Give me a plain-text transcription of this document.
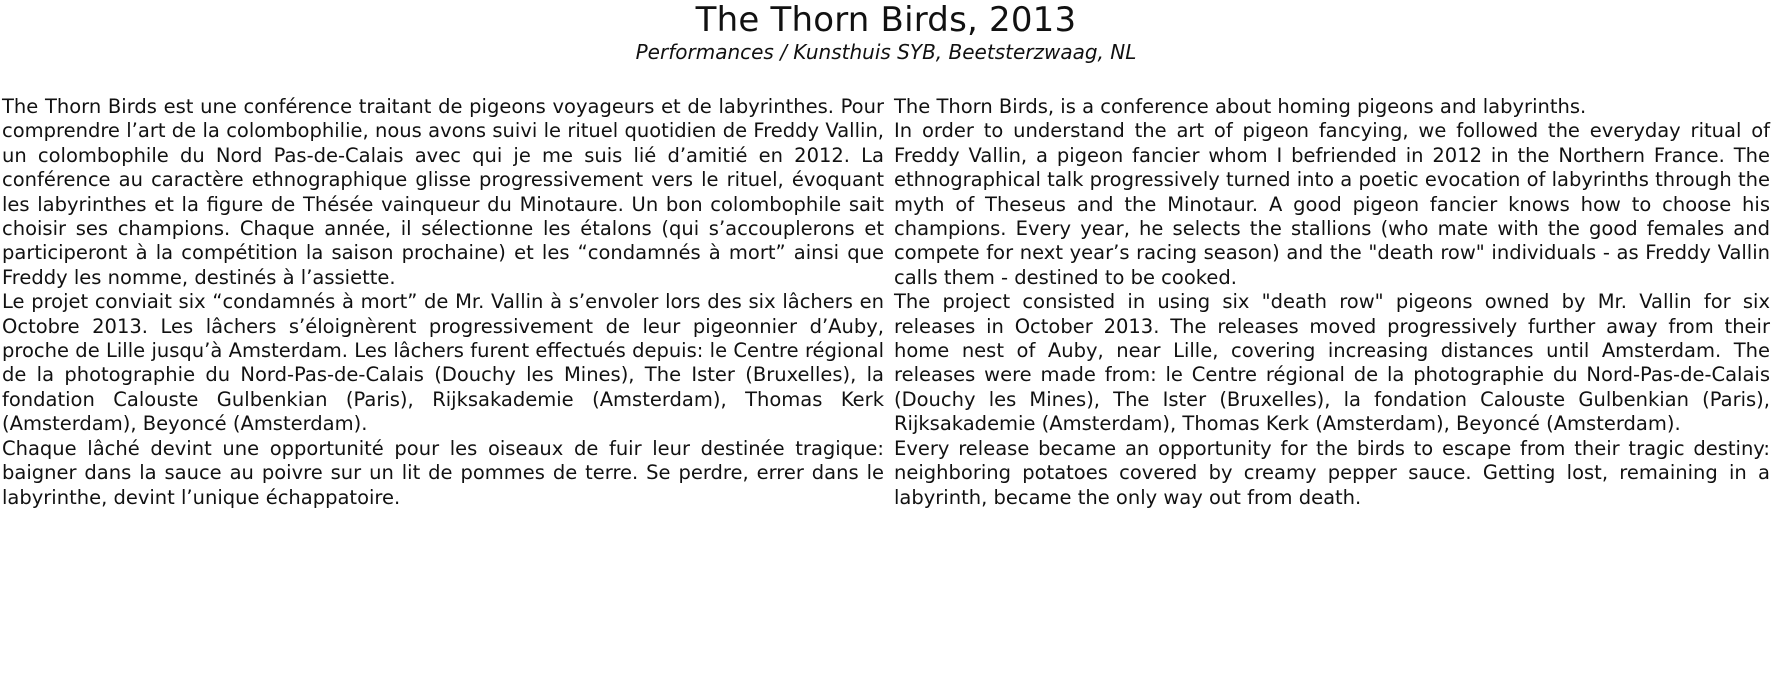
The Thorn Birds, 2013

Performances / Kunsthuis SYB, Beetsterzwaag, NL

The Thorn Birds est une conférence traitant de pigeons voyageurs et de labyrinthes. Pour comprendre l’art de la colombophilie, nous avons suivi le rituel quotidien de Freddy Vallin, un colombophile du Nord Pas-de-Calais avec qui je me suis lié d’amitié en 2012. La conférence au caractère ethnographique glisse progressivement vers le rituel, évoquant les labyrinthes et la figure de Thésée vainqueur du Minotaure. Un bon colombophile sait choisir ses champions. Chaque année, il sélectionne les étalons (qui s’accouplerons et participeront à la compétition la saison prochaine) et les “condamnés à mort” ainsi que Freddy les nomme, destinés à l’assiette.

Le projet conviait six “condamnés à mort” de Mr. Vallin à s’envoler lors des six lâchers en Octobre 2013. Les lâchers s’éloignèrent progressivement de leur pigeonnier d’Auby, proche de Lille jusqu’à Amsterdam. Les lâchers furent effectués depuis: le Centre régional de la photographie du Nord-Pas-de-Calais (Douchy les Mines), The Ister (Bruxelles), la fondation Calouste Gulbenkian (Paris), Rijksakademie (Amsterdam), Thomas Kerk (Amsterdam), Beyoncé (Amsterdam).

Chaque lâché devint une opportunité pour les oiseaux de fuir leur destinée tragique: baigner dans la sauce au poivre sur un lit de pommes de terre. Se perdre, errer dans le labyrinthe, devint l’unique échappatoire.

The Thorn Birds, is a conference about homing pigeons and labyrinths.

In order to understand the art of pigeon fancying, we followed the everyday ritual of Freddy Vallin, a pigeon fancier whom I befriended in 2012 in the Northern France. The ethnographical talk progressively turned into a poetic evocation of labyrinths through the myth of Theseus and the Minotaur. A good pigeon fancier knows how to choose his champions. Every year, he selects the stallions (who mate with the good females and compete for next year’s racing season) and the "death row" individuals - as Freddy Vallin calls them - destined to be cooked.

The project consisted in using six "death row" pigeons owned by Mr. Vallin for six releases in October 2013. The releases moved progressively further away from their home nest of Auby, near Lille, covering increasing distances until Amsterdam. The releases were made from: le Centre régional de la photographie du Nord-Pas-de-Calais (Douchy les Mines), The Ister (Bruxelles), la fondation Calouste Gulbenkian (Paris), Rijksakademie (Amsterdam), Thomas Kerk (Amsterdam), Beyoncé (Amsterdam).

Every release became an opportunity for the birds to escape from their tragic destiny: neighboring potatoes covered by creamy pepper sauce. Getting lost, remaining in a labyrinth, became the only way out from death.
